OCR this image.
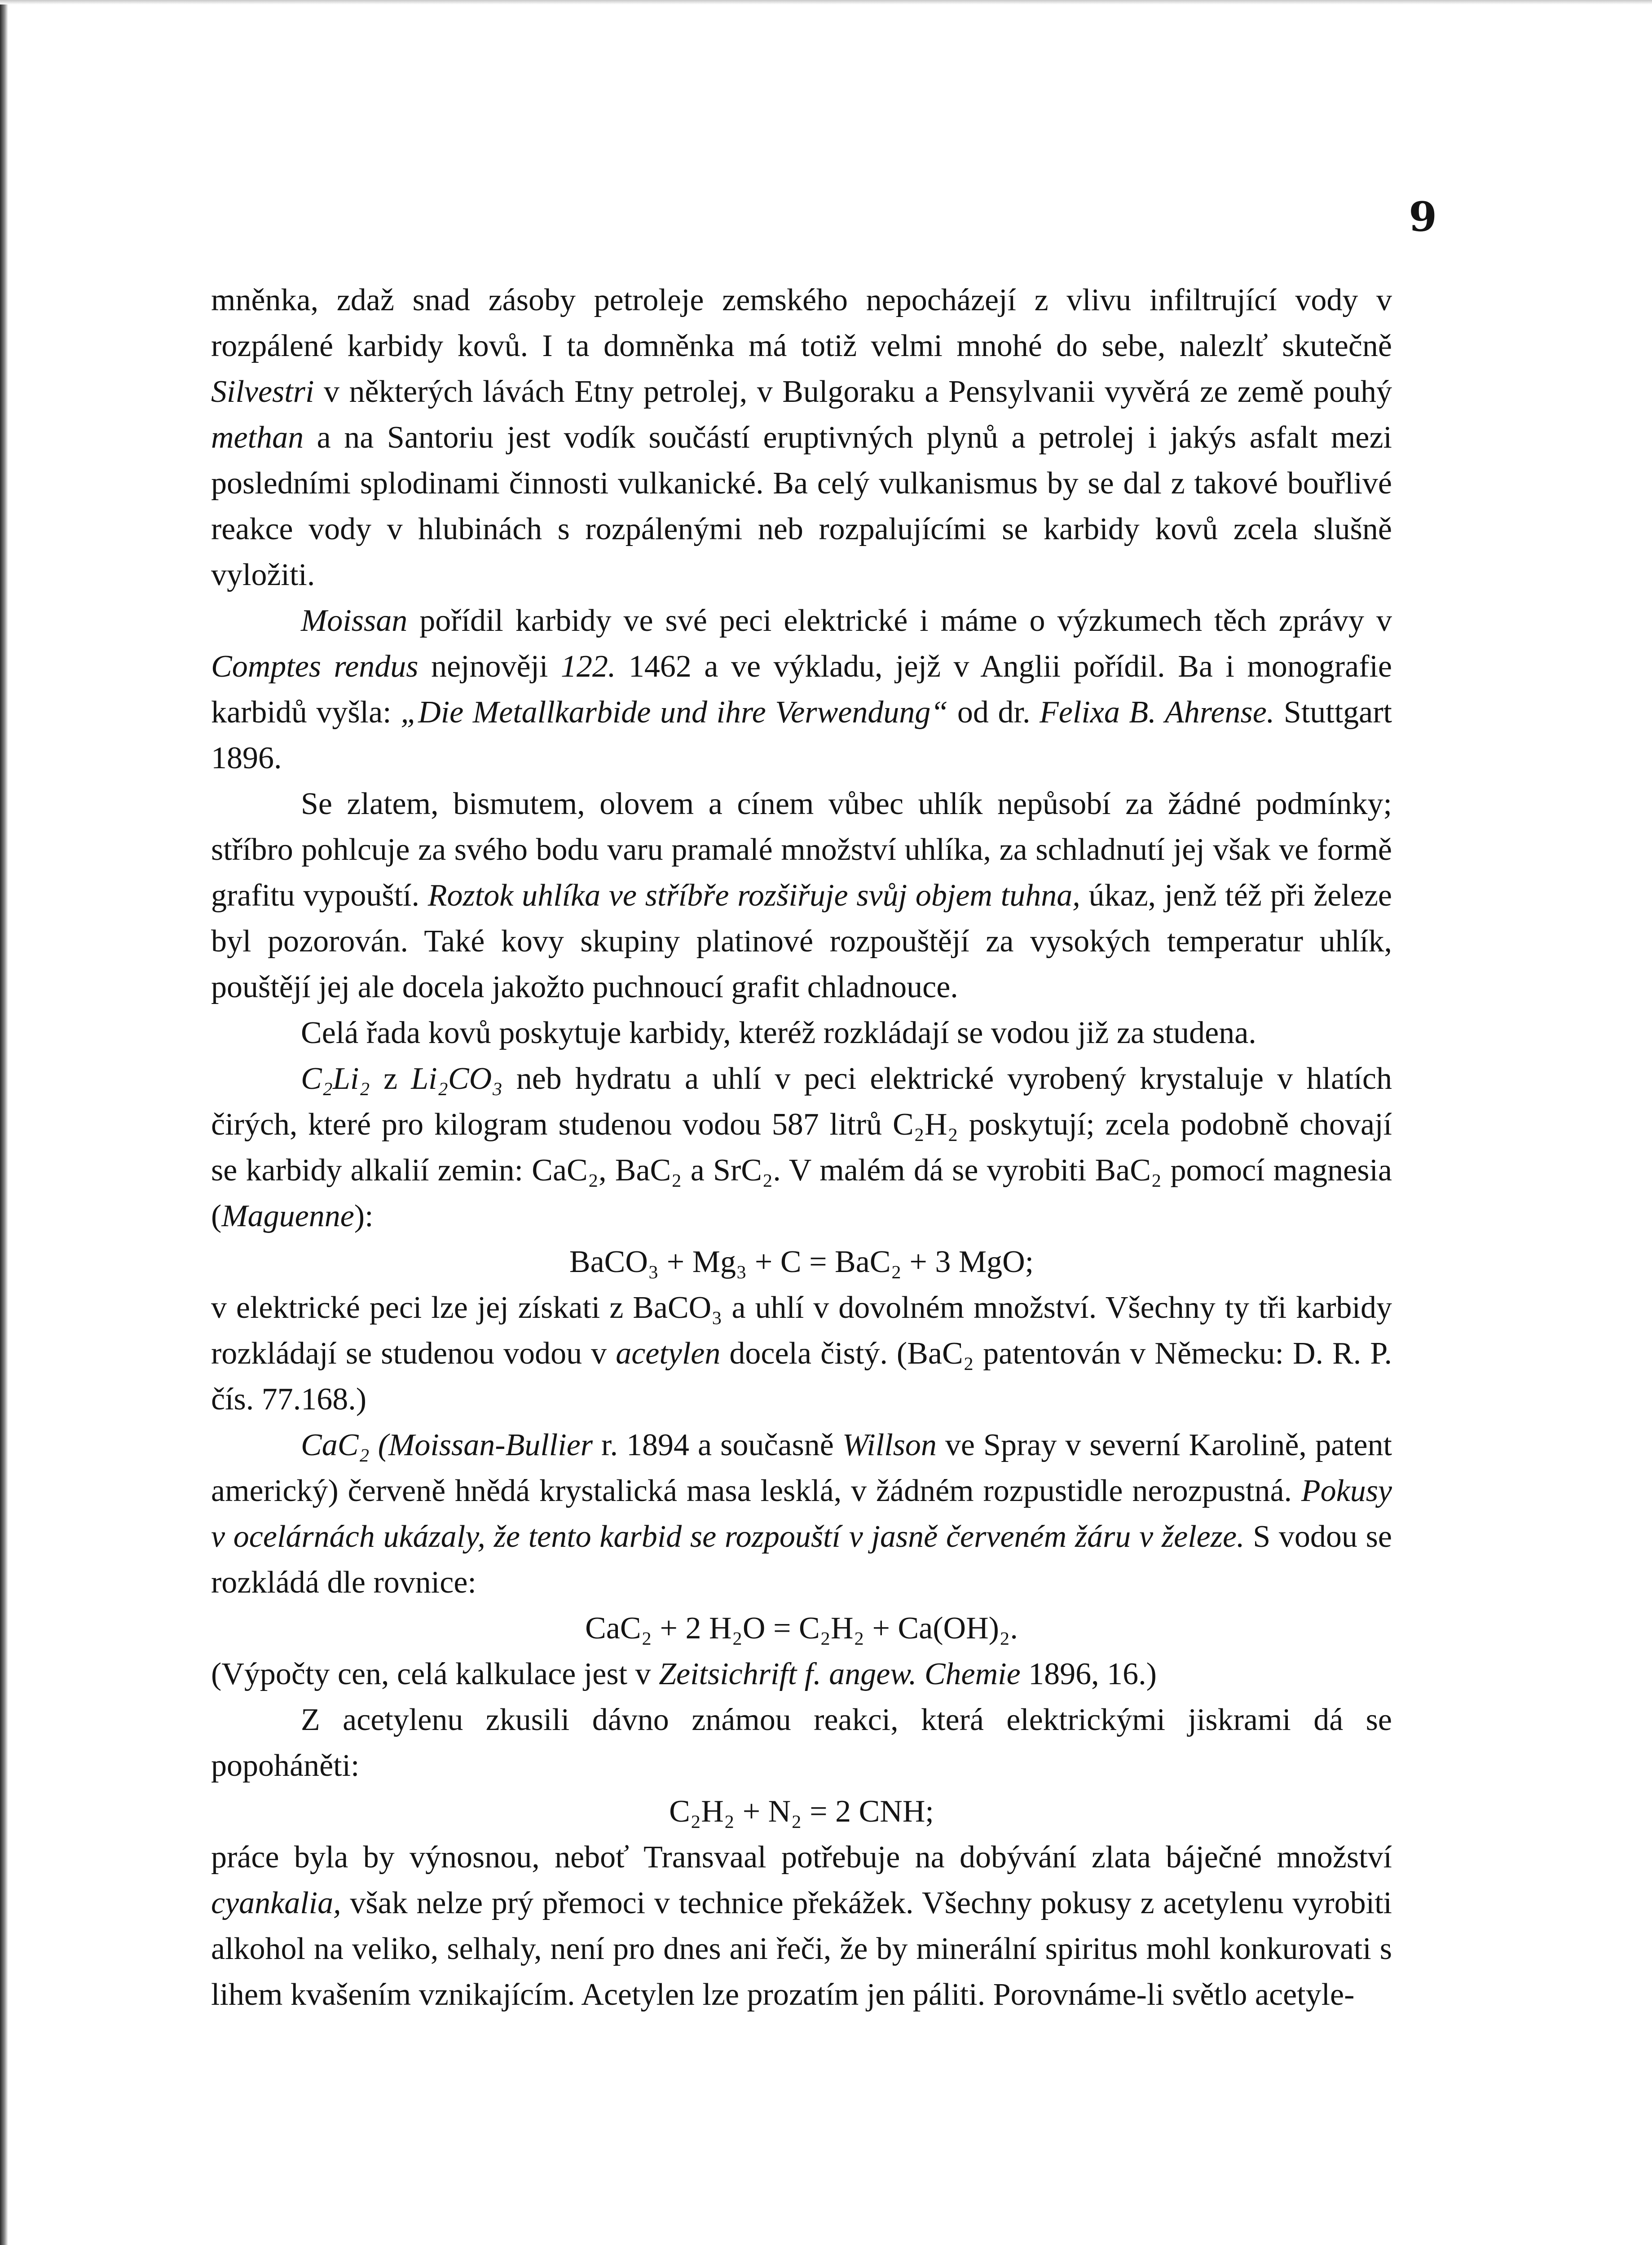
9

mněnka, zdaž snad zásoby petroleje zemského nepocházejí z vlivu infiltrující vody v rozpálené karbidy kovů. I ta domněnka má totiž velmi mnohé do sebe, nalezlť skutečně Silvestri v některých lávách Etny petrolej, v Bulgoraku a Pensylvanii vyvěrá ze země pouhý methan a na Santoriu jest vodík součástí eruptivných plynů a petrolej i jakýs asfalt mezi posledními splodinami činnosti vulkanické. Ba celý vulkanismus by se dal z takové bouřlivé reakce vody v hlubinách s rozpálenými neb rozpalujícími se karbidy kovů zcela slušně vyložiti.

Moissan pořídil karbidy ve své peci elektrické i máme o výzkumech těch zprávy v Comptes rendus nejnověji 122. 1462 a ve výkladu, jejž v Anglii pořídil. Ba i monografie karbidů vyšla: „Die Metallkarbide und ihre Verwendung“ od dr. Felixa B. Ahrense. Stuttgart 1896.

Se zlatem, bismutem, olovem a cínem vůbec uhlík nepůsobí za žádné podmínky; stříbro pohlcuje za svého bodu varu pramalé množství uhlíka, za schladnutí jej však ve formě grafitu vypouští. Roztok uhlíka ve stříbře rozšiřuje svůj objem tuhna, úkaz, jenž též při železe byl pozorován. Také kovy skupiny platinové rozpouštějí za vysokých temperatur uhlík, pouštějí jej ale docela jakožto puchnoucí grafit chladnouce.

Celá řada kovů poskytuje karbidy, kteréž rozkládají se vodou již za studena.

C₂Li₂ z Li₂CO₃ neb hydratu a uhlí v peci elektrické vyrobený krystaluje v hlatích čirých, které pro kilogram studenou vodou 587 litrů C₂H₂ poskytují; zcela podobně chovají se karbidy alkalií zemin: CaC₂, BaC₂ a SrC₂. V malém dá se vyrobiti BaC₂ pomocí magnesia (Maguenne):

BaCO₃ + Mg₃ + C = BaC₂ + 3 MgO;

v elektrické peci lze jej získati z BaCO₃ a uhlí v dovolném množství. Všechny ty tři karbidy rozkládají se studenou vodou v acetylen docela čistý. (BaC₂ patentován v Německu: D. R. P. čís. 77.168.)

CaC₂ (Moissan-Bullier r. 1894 a současně Willson ve Spray v severní Karolině, patent americký) červeně hnědá krystalická masa lesklá, v žádném rozpustidle nerozpustná. Pokusy v ocelárnách ukázaly, že tento karbid se rozpouští v jasně červeném žáru v železe. S vodou se rozkládá dle rovnice:

CaC₂ + 2 H₂O = C₂H₂ + Ca(OH)₂.

(Výpočty cen, celá kalkulace jest v Zeitsichrift f. angew. Chemie 1896, 16.)

Z acetylenu zkusili dávno známou reakci, která elektrickými jiskrami dá se popoháněti:

C₂H₂ + N₂ = 2 CNH;

práce byla by výnosnou, neboť Transvaal potřebuje na dobývání zlata báječné množství cyankalia, však nelze prý přemoci v technice překážek. Všechny pokusy z acetylenu vyrobiti alkohol na veliko, selhaly, není pro dnes ani řeči, že by minerální spiritus mohl konkurovati s lihem kvašením vznikajícím. Acetylen lze prozatím jen páliti. Porovnáme-li světlo acetyle-
